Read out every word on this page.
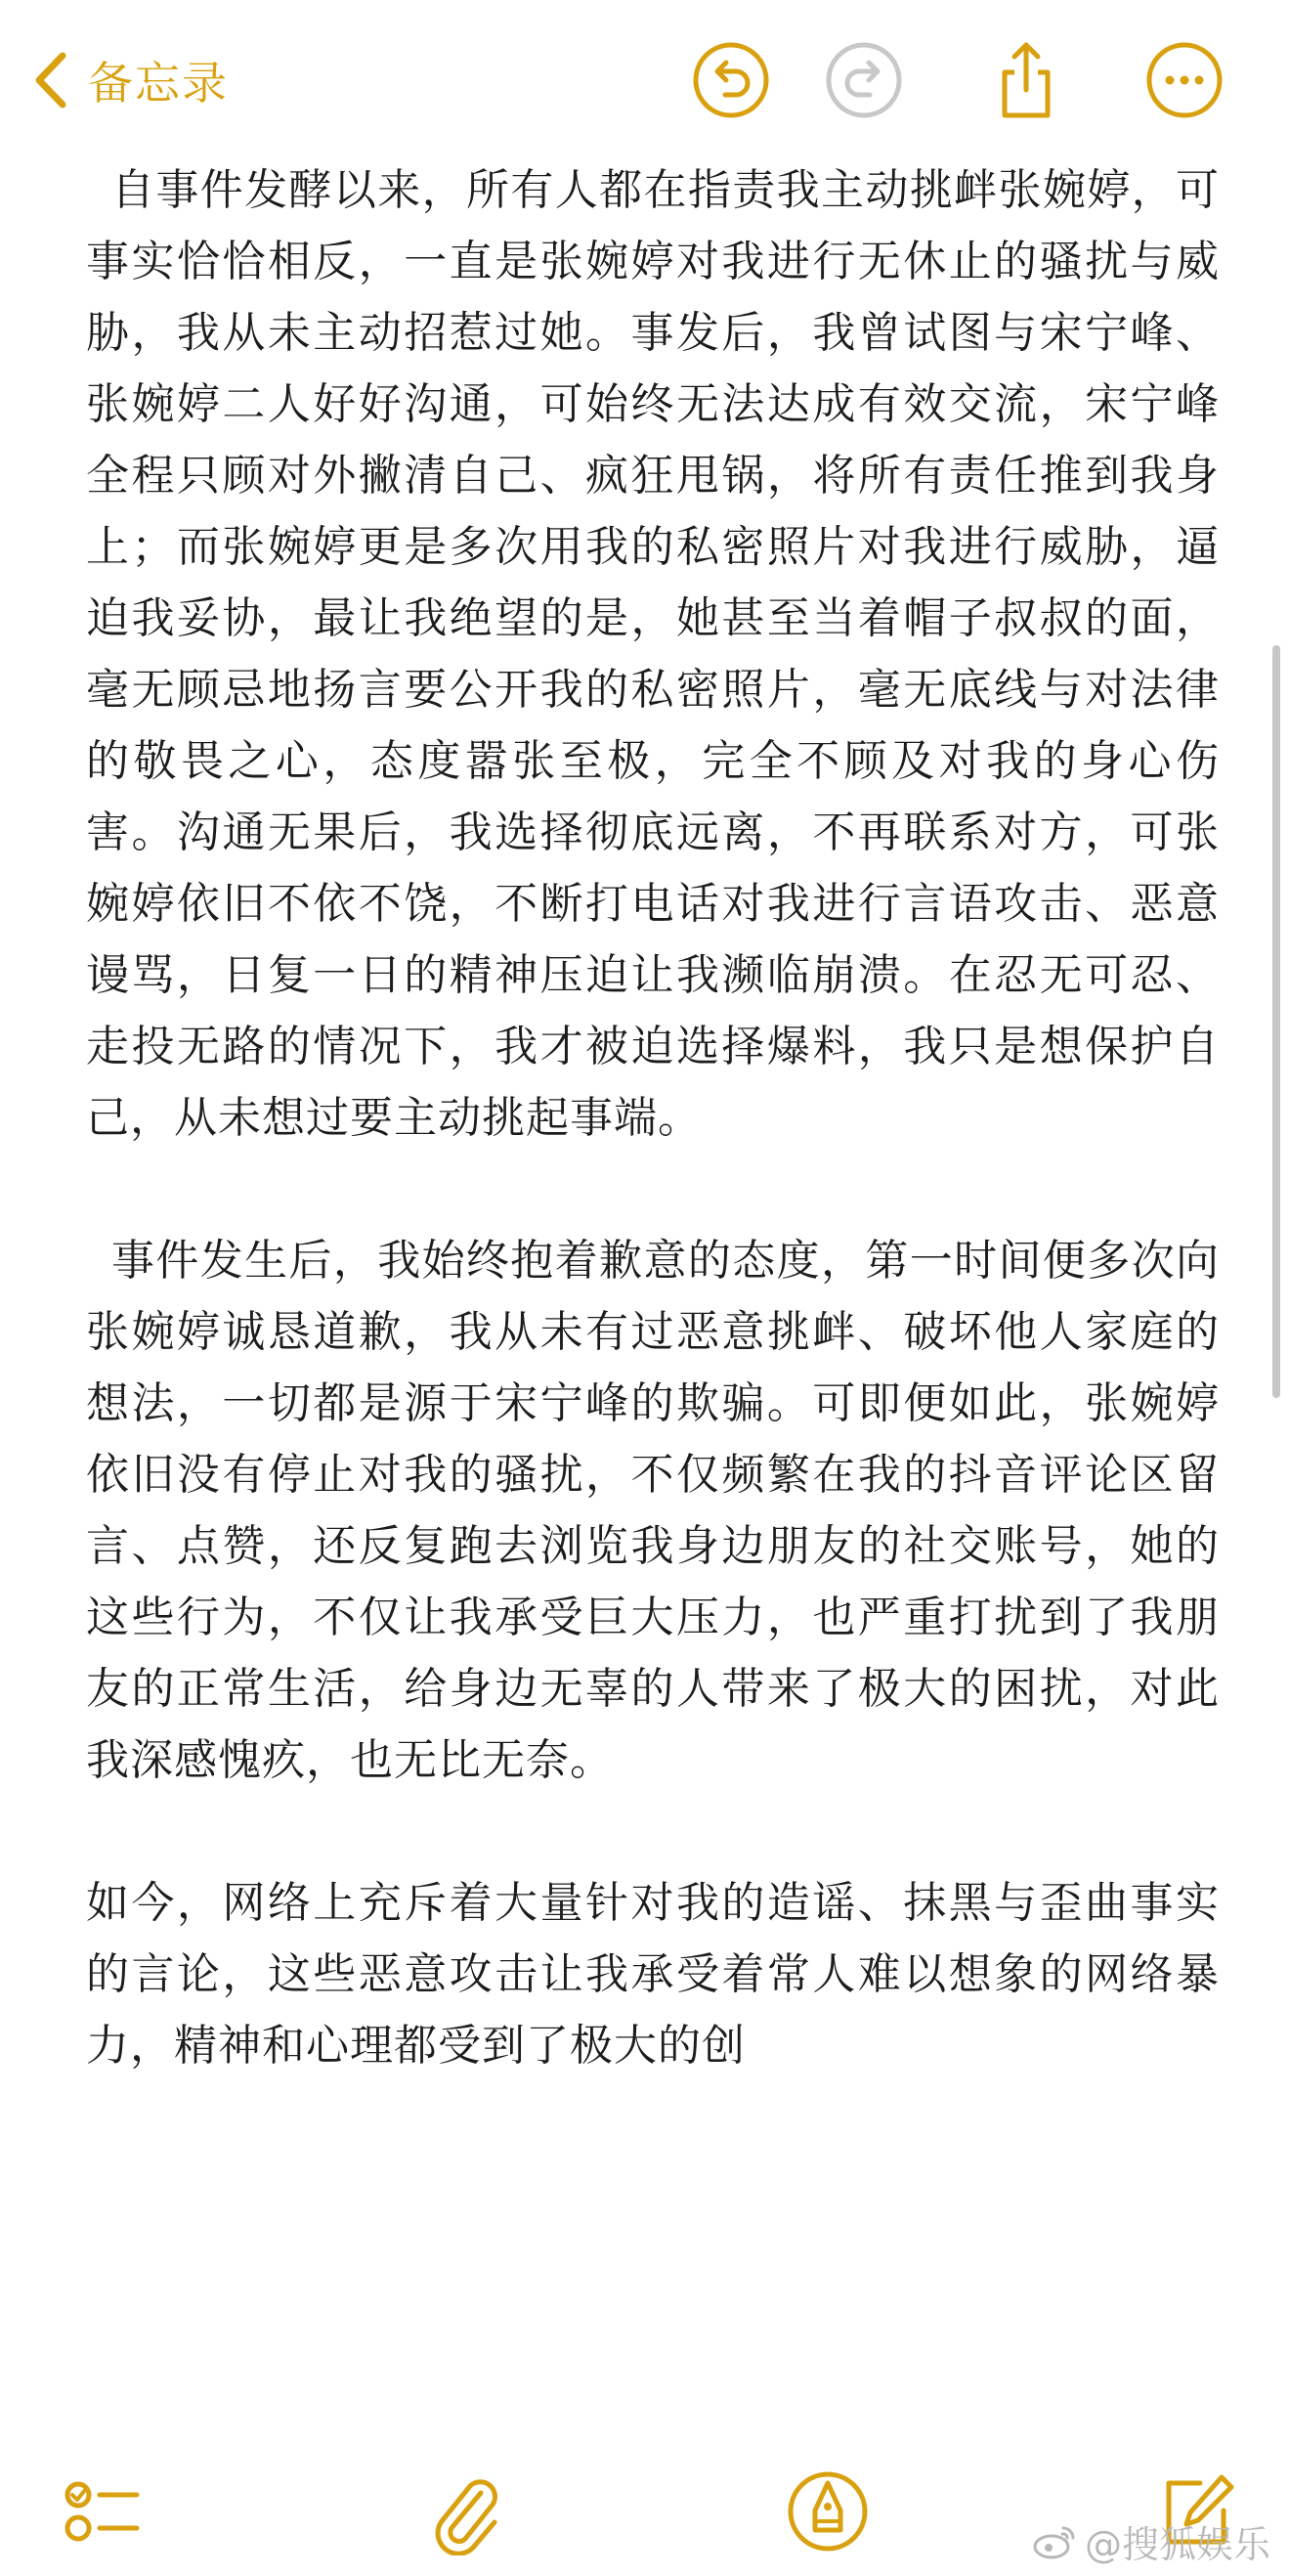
备忘录

自事件发酵以来，所有人都在指责我主动挑衅张婉婷，可事实恰恰相反，一直是张婉婷对我进行无休止的骚扰与威胁，我从未主动招惹过她。事发后，我曾试图与宋宁峰、张婉婷二人好好沟通，可始终无法达成有效交流，宋宁峰全程只顾对外撇清自己、疯狂甩锅，将所有责任推到我身上；而张婉婷更是多次用我的私密照片对我进行威胁，逼迫我妥协，最让我绝望的是，她甚至当着帽子叔叔的面，毫无顾忌地扬言要公开我的私密照片，毫无底线与对法律的敬畏之心，态度嚣张至极，完全不顾及对我的身心伤害。沟通无果后，我选择彻底远离，不再联系对方，可张婉婷依旧不依不饶，不断打电话对我进行言语攻击、恶意谩骂，日复一日的精神压迫让我濒临崩溃。在忍无可忍、走投无路的情况下，我才被迫选择爆料，我只是想保护自己，从未想过要主动挑起事端。

事件发生后，我始终抱着歉意的态度，第一时间便多次向张婉婷诚恳道歉，我从未有过恶意挑衅、破坏他人家庭的想法，一切都是源于宋宁峰的欺骗。可即便如此，张婉婷依旧没有停止对我的骚扰，不仅频繁在我的抖音评论区留言、点赞，还反复跑去浏览我身边朋友的社交账号，她的这些行为，不仅让我承受巨大压力，也严重打扰到了我朋友的正常生活，给身边无辜的人带来了极大的困扰，对此我深感愧疚，也无比无奈。

如今，网络上充斥着大量针对我的造谣、抹黑与歪曲事实的言论，这些恶意攻击让我承受着常人难以想象的网络暴力，精神和心理都受到了极大的创

@搜狐娱乐
